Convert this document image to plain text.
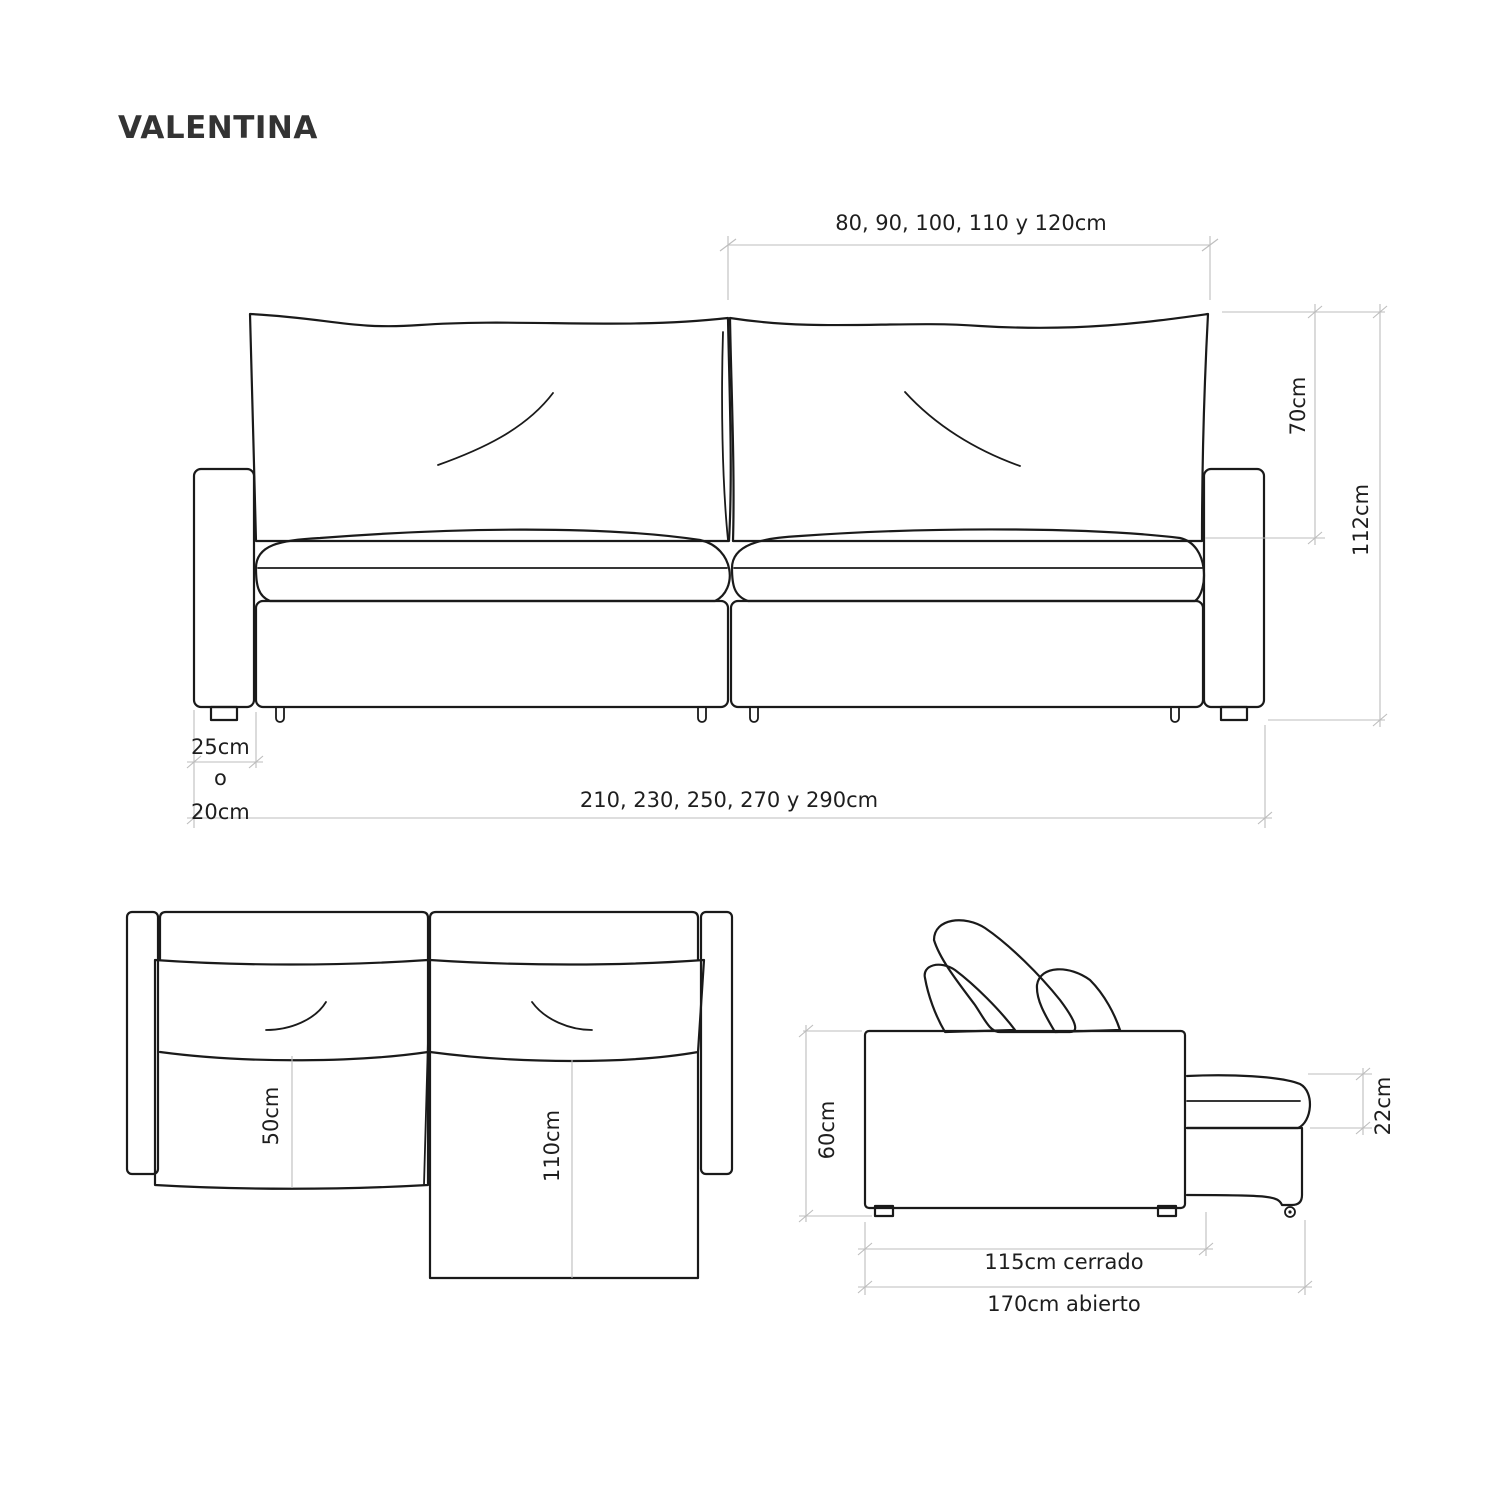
VALENTINA
80, 90, 100, 110 y 120cm
70cm
112cm
25cm
o
20cm	210, 230, 250, 270 y 290cm
50cm	110cm	60cm	22cm
115cm cerrado
170cm abierto
